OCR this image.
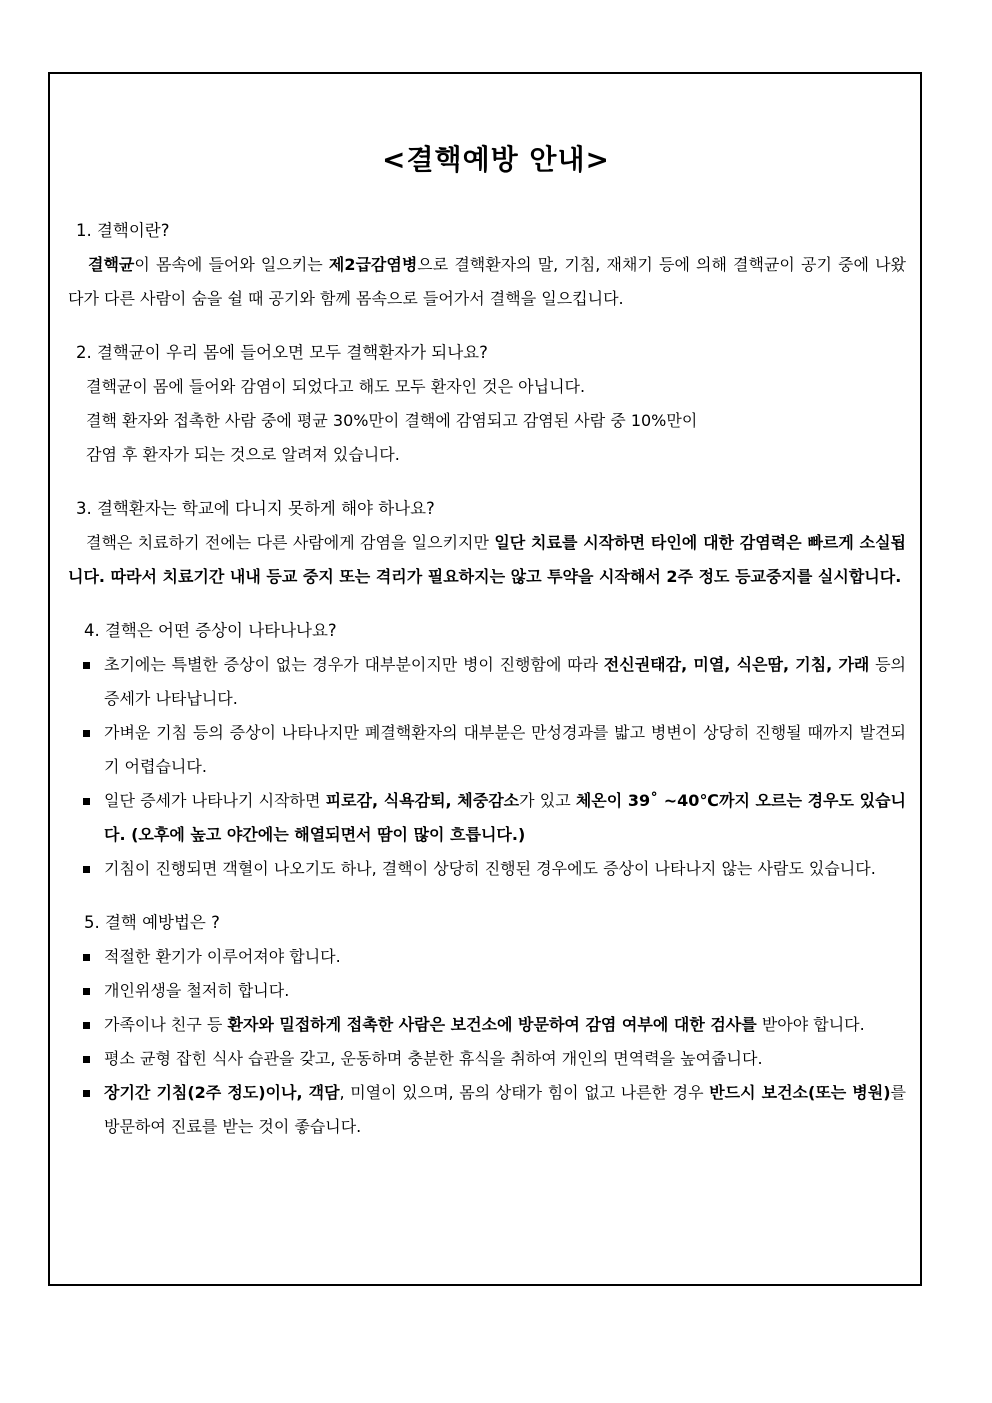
<결핵예방 안내>

1. 결핵이란?

결핵균이 몸속에 들어와 일으키는 제2급감염병으로 결핵환자의 말, 기침, 재채기 등에 의해 결핵균이 공기 중에 나왔다가 다른 사람이 숨을 쉴 때 공기와 함께 몸속으로 들어가서 결핵을 일으킵니다.

2. 결핵균이 우리 몸에 들어오면 모두 결핵환자가 되나요?

결핵균이 몸에 들어와 감염이 되었다고 해도 모두 환자인 것은 아닙니다.

결핵 환자와 접촉한 사람 중에 평균 30%만이 결핵에 감염되고 감염된 사람 중 10%만이

감염 후 환자가 되는 것으로 알려져 있습니다.

3. 결핵환자는 학교에 다니지 못하게 해야 하나요?

결핵은 치료하기 전에는 다른 사람에게 감염을 일으키지만 일단 치료를 시작하면 타인에 대한 감염력은 빠르게 소실됩니다. 따라서 치료기간 내내 등교 중지 또는 격리가 필요하지는 않고 투약을 시작해서 2주 정도 등교중지를 실시합니다.

4. 결핵은 어떤 증상이 나타나나요?

초기에는 특별한 증상이 없는 경우가 대부분이지만 병이 진행함에 따라 전신권태감, 미열, 식은땀, 기침, 가래 등의 증세가 나타납니다.
가벼운 기침 등의 증상이 나타나지만 폐결핵환자의 대부분은 만성경과를 밟고 병변이 상당히 진행될 때까지 발견되기 어렵습니다.
일단 증세가 나타나기 시작하면 피로감, 식욕감퇴, 체중감소가 있고 체온이 39˚ ~40℃까지 오르는 경우도 있습니다. (오후에 높고 야간에는 해열되면서 땀이 많이 흐릅니다.)
기침이 진행되면 객혈이 나오기도 하나, 결핵이 상당히 진행된 경우에도 증상이 나타나지 않는 사람도 있습니다.

5. 결핵 예방법은 ?

적절한 환기가 이루어져야 합니다.
개인위생을 철저히 합니다.
가족이나 친구 등 환자와 밀접하게 접촉한 사람은 보건소에 방문하여 감염 여부에 대한 검사를 받아야 합니다.
평소 균형 잡힌 식사 습관을 갖고, 운동하며 충분한 휴식을 취하여 개인의 면역력을 높여줍니다.
장기간 기침(2주 정도)이나, 객담, 미열이 있으며, 몸의 상태가 힘이 없고 나른한 경우 반드시 보건소(또는 병원)를 방문하여 진료를 받는 것이 좋습니다.
